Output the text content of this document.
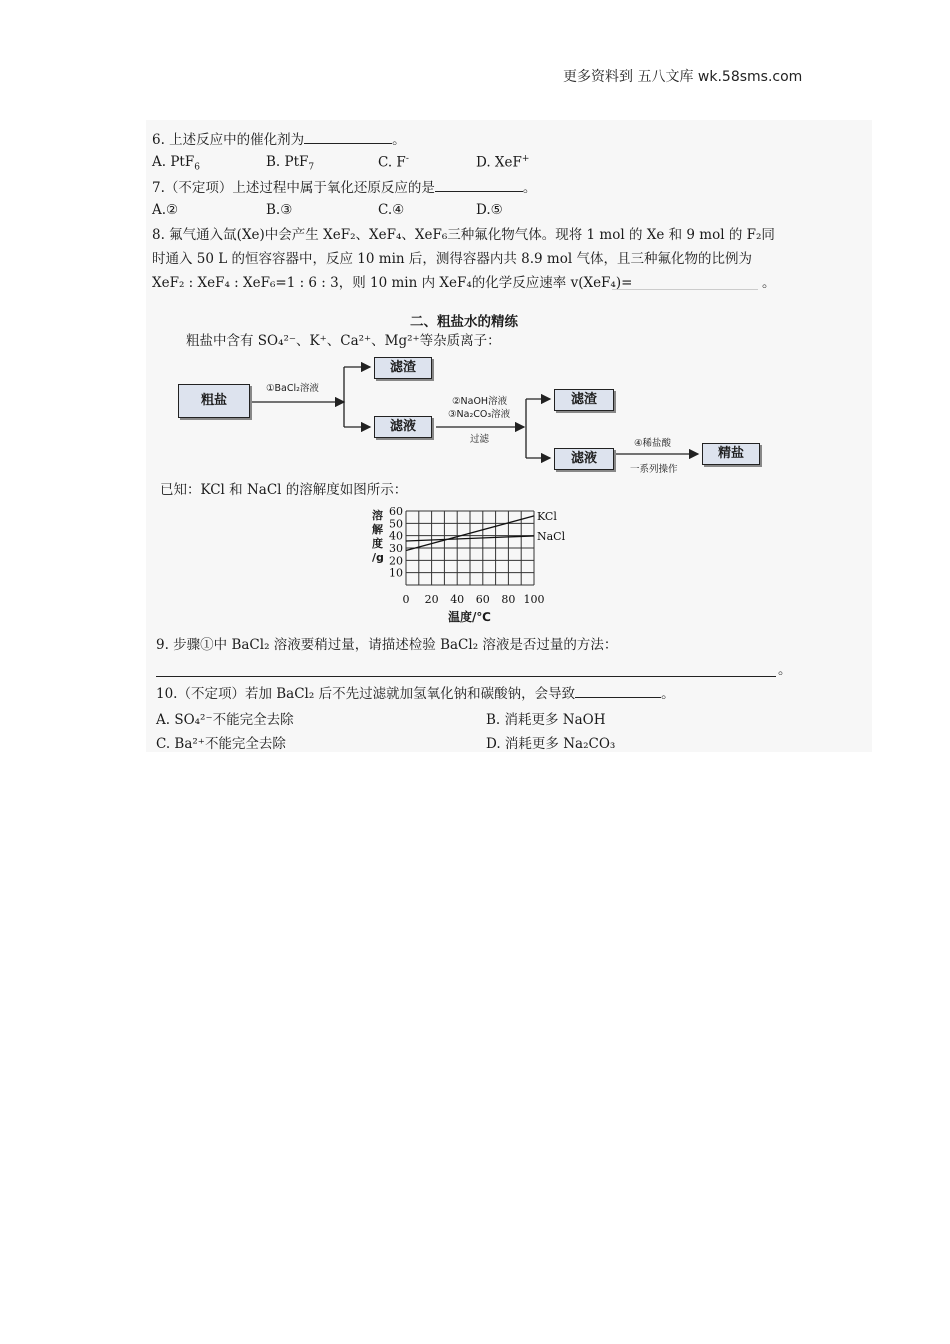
更多资料到 五八文库 wk.58sms.com
6. 上述反应中的催化剂为	。
A. PtF$_6$	B. PtF$_7$	C. F-	D. XeF+
7.（不定项）上述过程中属于氧化还原反应的是	。
A.②	B.③	C.④	D.⑤
8. 氟气通入氙(Xe)中会产生 XeF₂、XeF₄、XeF₆三种氟化物气体。现将 1 mol 的 Xe 和 9 mol 的 F₂同
时通入 50 L 的恒容容器中，反应 10 min 后，测得容器内共 8.9 mol 气体，且三种氟化物的比例为
XeF₂ : XeF₄ : XeF₆=1 : 6 : 3，则 10 min 内 XeF₄的化学反应速率 v(XeF₄)=	。
二、粗盐水的精练
粗盐中含有 SO₄²⁻、K⁺、Ca²⁺、Mg²⁺等杂质离子：
粗盐
滤渣
滤液
滤渣
滤液	精盐
①BaCl₂溶液
②NaOH溶液
③Na₂CO₃溶液
过滤	④稀盐酸
一系列操作
已知：KCl 和 NaCl 的溶解度如图所示：
溶
解
度
/g
60
50
40
30
20
10
0 20 40 60 80 100
KCl
NaCl
温度/℃
9. 步骤①中 BaCl₂ 溶液要稍过量，请描述检验 BaCl₂ 溶液是否过量的方法：
。
10.（不定项）若加 BaCl₂ 后不先过滤就加氢氧化钠和碳酸钠，会导致	。
A. SO₄²⁻不能完全去除	B. 消耗更多 NaOH
C. Ba²⁺不能完全去除	D. 消耗更多 Na₂CO₃
